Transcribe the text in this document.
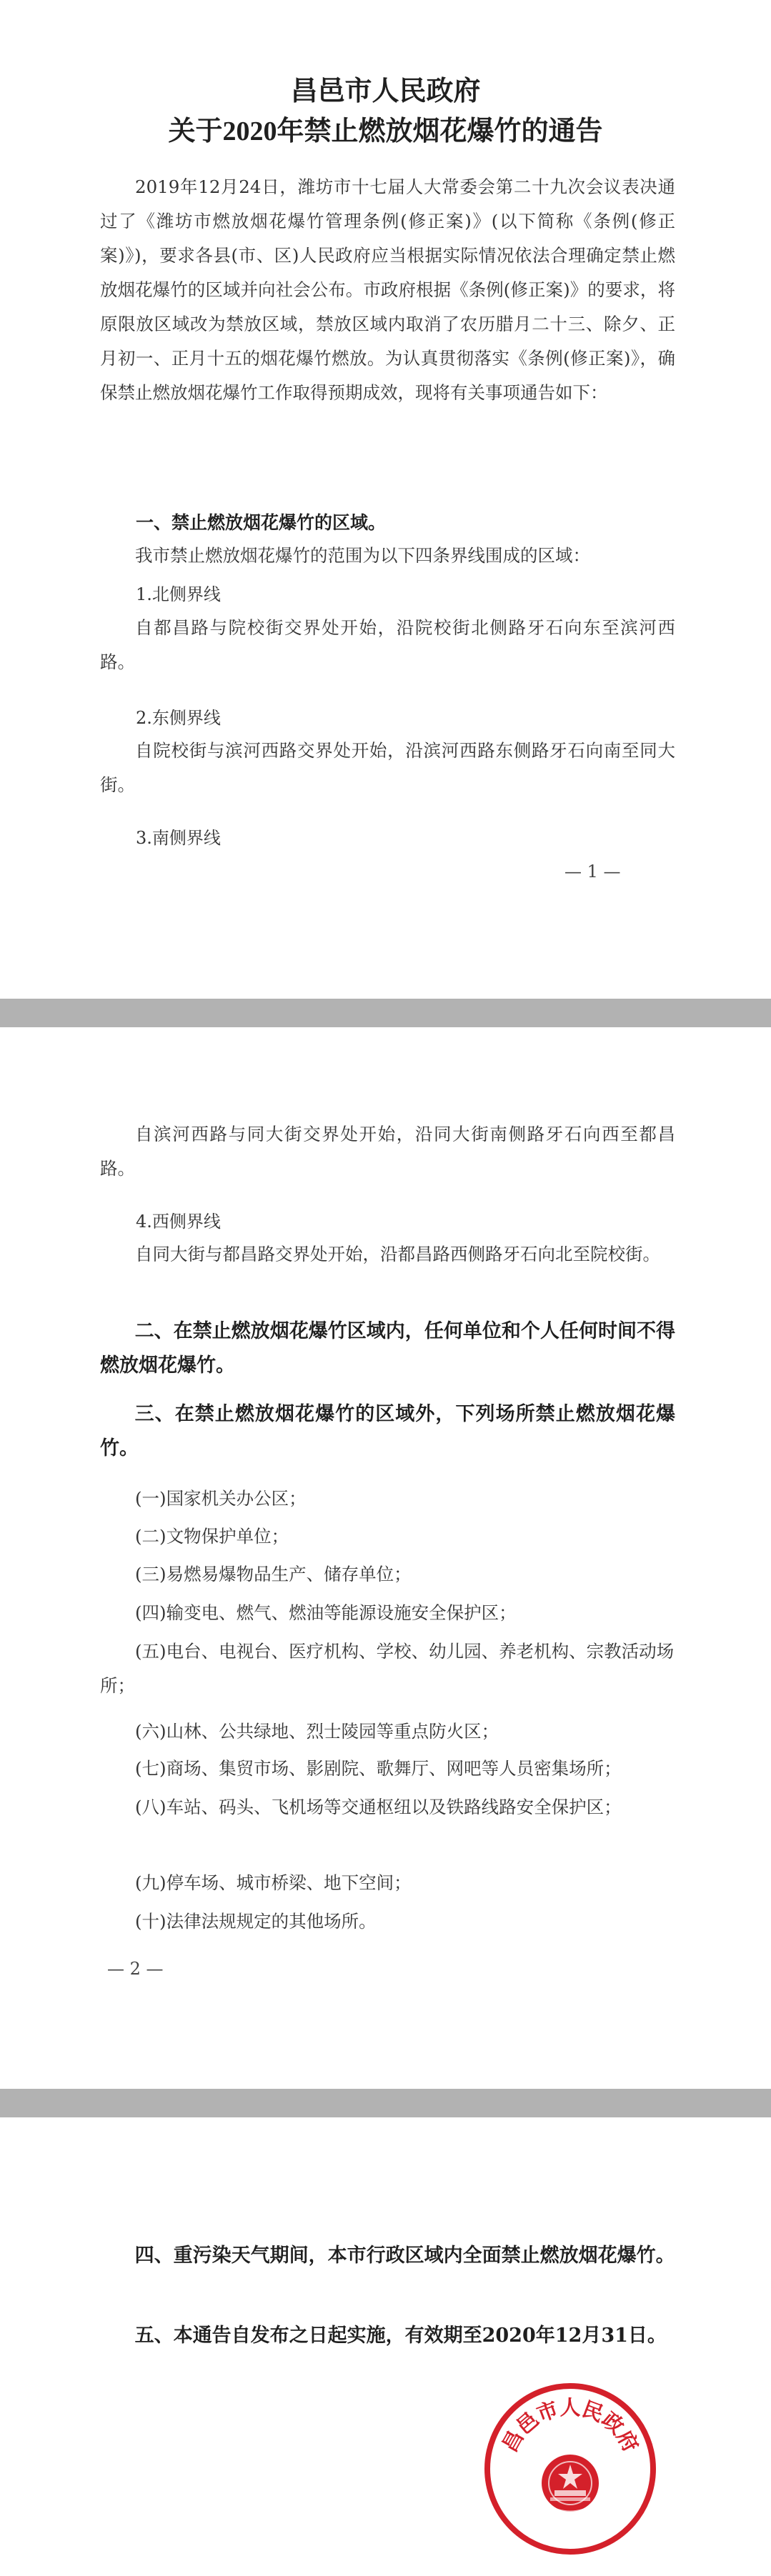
昌邑市人民政府
关于2020年禁止燃放烟花爆竹的通告

2019年12月24日，潍坊市十七届人大常委会第二十九次会议表决通过了《潍坊市燃放烟花爆竹管理条例(修正案)》(以下简称《条例(修正案)》)，要求各县(市、区)人民政府应当根据实际情况依法合理确定禁止燃放烟花爆竹的区域并向社会公布。市政府根据《条例(修正案)》的要求，将原限放区域改为禁放区域，禁放区域内取消了农历腊月二十三、除夕、正月初一、正月十五的烟花爆竹燃放。为认真贯彻落实《条例(修正案)》，确保禁止燃放烟花爆竹工作取得预期成效，现将有关事项通告如下：

一、禁止燃放烟花爆竹的区域。

我市禁止燃放烟花爆竹的范围为以下四条界线围成的区域：

1.北侧界线

自都昌路与院校街交界处开始，沿院校街北侧路牙石向东至滨河西路。

2.东侧界线

自院校街与滨河西路交界处开始，沿滨河西路东侧路牙石向南至同大街。

3.南侧界线

— 1 —

自滨河西路与同大街交界处开始，沿同大街南侧路牙石向西至都昌路。

4.西侧界线

自同大街与都昌路交界处开始，沿都昌路西侧路牙石向北至院校街。

二、在禁止燃放烟花爆竹区域内，任何单位和个人任何时间不得燃放烟花爆竹。

三、在禁止燃放烟花爆竹的区域外，下列场所禁止燃放烟花爆竹。

(一)国家机关办公区；

(二)文物保护单位；

(三)易燃易爆物品生产、储存单位；

(四)输变电、燃气、燃油等能源设施安全保护区；

(五)电台、电视台、医疗机构、学校、幼儿园、养老机构、宗教活动场所；

(六)山林、公共绿地、烈士陵园等重点防火区；

(七)商场、集贸市场、影剧院、歌舞厅、网吧等人员密集场所；

(八)车站、码头、飞机场等交通枢纽以及铁路线路安全保护区；

(九)停车场、城市桥梁、地下空间；

(十)法律法规规定的其他场所。

— 2 —

四、重污染天气期间，本市行政区域内全面禁止燃放烟花爆竹。

五、本通告自发布之日起实施，有效期至2020年12月31日。

昌邑市人民政府
